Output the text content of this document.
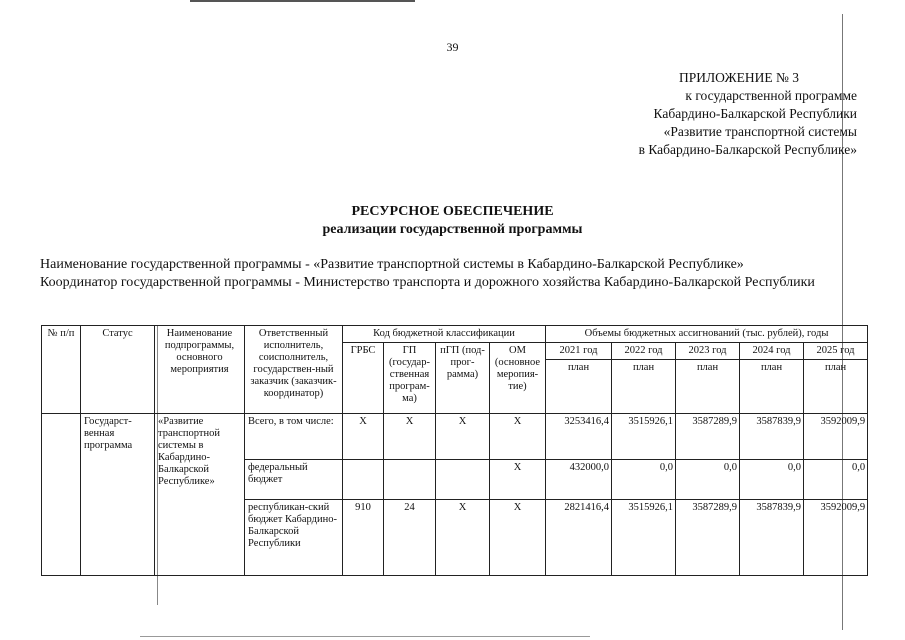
39
ПРИЛОЖЕНИЕ № 3
к государственной программе
Кабардино-Балкарской Республики
«Развитие транспортной системы
в Кабардино-Балкарской Республике»
РЕСУРСНОЕ ОБЕСПЕЧЕНИЕ
реализации государственной программы

Наименование государственной программы - «Развитие транспортной системы в Кабардино-Балкарской Республике»

Координатор государственной программы - Министерство транспорта и дорожного хозяйства Кабардино-Балкарской Республики

№ п/п	Статус	Наименование подпрограммы, основного мероприятия	Ответственный исполнитель, соисполнитель, государствен-ный заказчик (заказчик-координатор)	Код бюджетной классификации				Объемы бюджетных ассигнований (тыс. рублей), годы				
				ГРБС	ГП (государ-ственная програм-ма)	пГП (под-прог-рамма)	ОМ (основное меропия-тие)	2021 год	2022 год	2023 год	2024 год	2025 год
								план	план	план	план	план
	Государст-венная программа	«Развитие транспортной системы в Кабардино-Балкарской Республике»	Всего, в том числе:	Х	Х	Х	Х	3253416,4	3515926,1	3587289,9	3587839,9	3592009,9
			федеральный бюджет				Х	432000,0	0,0	0,0	0,0	0,0
			республикан-ский бюджет Кабардино-Балкарской Республики	910	24	Х	Х	2821416,4	3515926,1	3587289,9	3587839,9	3592009,9
